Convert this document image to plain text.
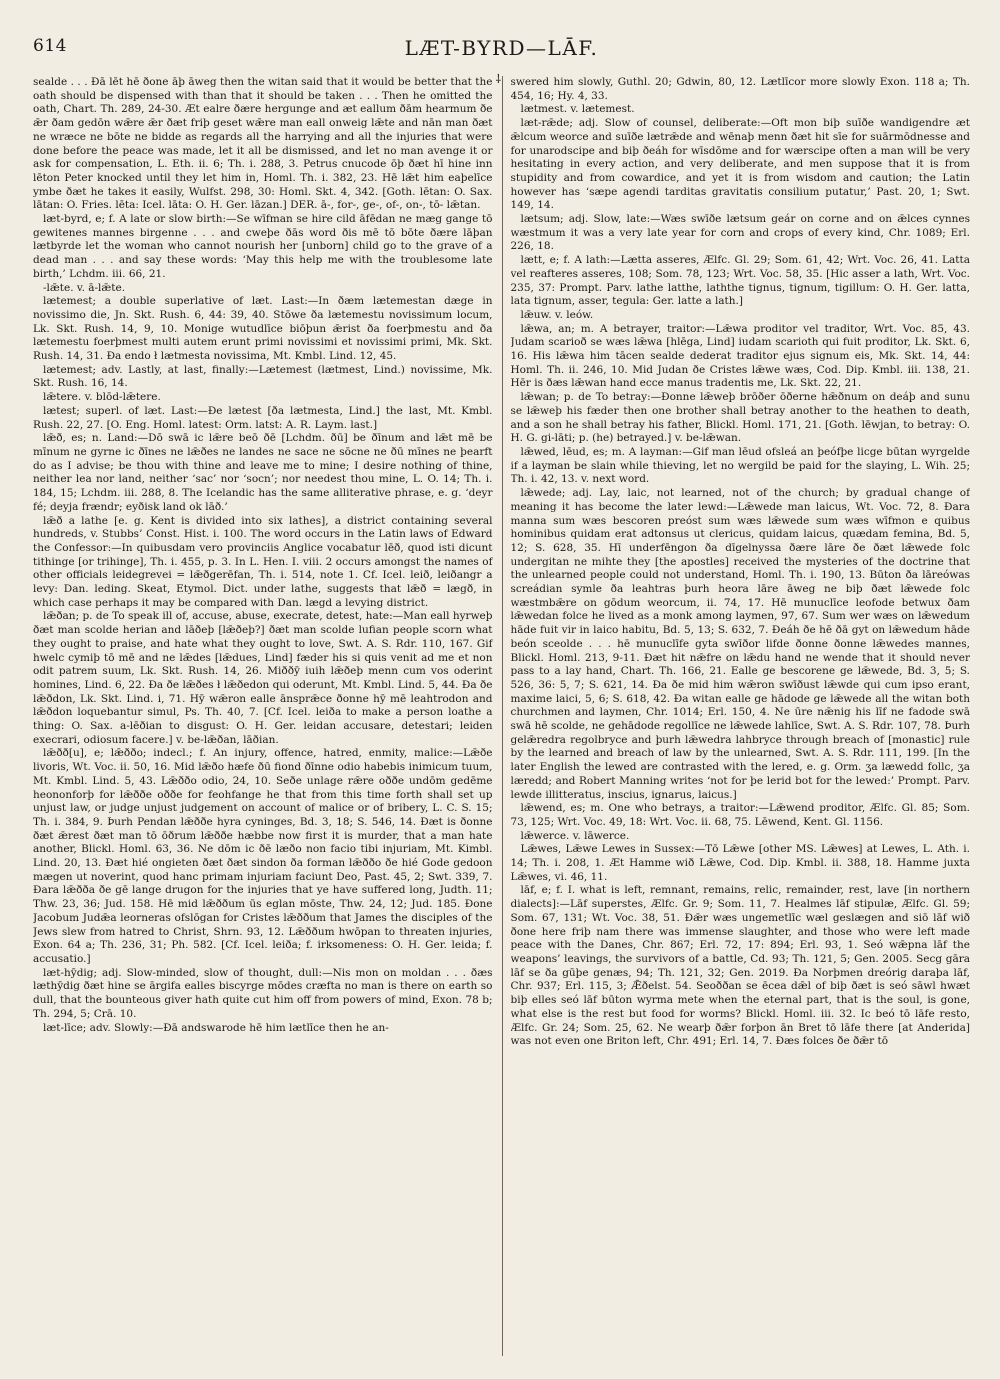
614	LÆT-BYRD—LĀF.

sealde . . . Ðā lēt hē ðone āþ āweg then the witan said that it would be better that the oath should be dispensed with than that it should be taken . . . Then he omitted the oath, Chart. Th. 289, 24-30. Æt ealre ðære hergunge and æt eallum ðām hearmum ðe ǣr ðam gedōn wǣre ǣr ðæt friþ geset wǣre man eall onweig lǣte and nān man ðæt ne wræce ne bōte ne bidde as regards all the harrying and all the injuries that were done before the peace was made, let it all be dismissed, and let no man avenge it or ask for compensation, L. Eth. ii. 6; Th. i. 288, 3. Petrus cnucode ōþ ðæt hī hine inn lēton Peter knocked until they let him in, Homl. Th. i. 382, 23. Hē lǣt him eaþelīce ymbe ðæt he takes it easily, Wulfst. 298, 30: Homl. Skt. 4, 342. [Goth. lētan: O. Sax. lātan: O. Fries. lēta: Icel. lāta: O. H. Ger. lāzan.] DER. ā-, for-, ge-, of-, on-, tō- lǣtan.

læt-byrd, e; f. A late or slow birth:—Se wīfman se hire cild āfēdan ne mæg gange tō gewitenes mannes birgenne . . . and cweþe ðās word ðis mē tō bōte ðære lāþan lætbyrde let the woman who cannot nourish her [unborn] child go to the grave of a dead man . . . and say these words: ‘May this help me with the troublesome late birth,’ Lchdm. iii. 66, 21.

-lǣte. v. ā-lǣte.

lætemest; a double superlative of læt. Last:—In ðæm lætemestan dæge in novissimo die, Jn. Skt. Rush. 6, 44: 39, 40. Stōwe ða lætemestu novissimum locum, Lk. Skt. Rush. 14, 9, 10. Monige wutudlīce biōþun ǣrist ða foerþmestu and ða lætemestu foerþmest multi autem erunt primi novissimi et novissimi primi, Mk. Skt. Rush. 14, 31. Ða endo ł lætmesta novissima, Mt. Kmbl. Lind. 12, 45.

lætemest; adv. Lastly, at last, finally:—Lætemest (lætmest, Lind.) novissime, Mk. Skt. Rush. 16, 14.

lǣtere. v. blōd-lǣtere.

lætest; superl. of læt. Last:—Ðe lætest [ða lætmesta, Lind.] the last, Mt. Kmbl. Rush. 22, 27. [O. Eng. Homl. latest: Orm. latst: A. R. Laym. last.]

lǣð, es; n. Land:—Dō swā ic lǣre beō ðē [Lchdm. ðū] be ðīnum and lǣt mē be mīnum ne gyrne ic ðīnes ne lǣðes ne landes ne sace ne sōcne ne ðū mīnes ne þearft do as I advise; be thou with thine and leave me to mine; I desire nothing of thine, neither lea nor land, neither ‘sac’ nor ‘socn’; nor needest thou mine, L. O. 14; Th. i. 184, 15; Lchdm. iii. 288, 8. The Icelandic has the same alliterative phrase, e. g. ‘deyr fé; deyja frændr; eyðisk land ok lāð.’

lǣð a lathe [e. g. Kent is divided into six lathes], a district containing several hundreds, v. Stubbs’ Const. Hist. i. 100. The word occurs in the Latin laws of Edward the Confessor:—In quibusdam vero provinciis Anglice vocabatur lēð, quod isti dicunt tithinge [or trihinge], Th. i. 455, p. 3. In L. Hen. I. viii. 2 occurs amongst the names of other officials leidegrevei = lǣðgerēfan, Th. i. 514, note 1. Cf. Icel. leið, leiðangr a levy: Dan. leding. Skeat, Etymol. Dict. under lathe, suggests that lǣð = lægð, in which case perhaps it may be compared with Dan. lægd a levying district.

lǣðan; p. de To speak ill of, accuse, abuse, execrate, detest, hate:—Man eall hyrweþ ðæt man scolde herian and lāðeþ [lǣðeþ?] ðæt man scolde lufian people scorn what they ought to praise, and hate what they ought to love, Swt. A. S. Rdr. 110, 167. Gif hwelc cymiþ tō mē and ne lǣdes [lǣdues, Lind] fæder his si quis venit ad me et non odit patrem suum, Lk. Skt. Rush. 14, 26. Miððȳ iuih lǣðeþ menn cum vos oderint homines, Lind. 6, 22. Ða ðe lǣðes ł lǣðedon qui oderunt, Mt. Kmbl. Lind. 5, 44. Ða ðe lǣðdon, Lk. Skt. Lind. i, 71. Hȳ wǣron ealle ānsprǣce ðonne hȳ mē leahtrodon and lǣðdon loquebantur simul, Ps. Th. 40, 7. [Cf. Icel. leiða to make a person loathe a thing: O. Sax. a-lēðian to disgust: O. H. Ger. leidan accusare, detestari; leiden execrari, odiosum facere.] v. be-lǣðan, lāðian.

lǣðð[u], e; lǣððo; indecl.; f. An injury, offence, hatred, enmity, malice:—Lǣðe livoris, Wt. Voc. ii. 50, 16. Mid lǣðo hæfe ðū fiond ðīnne odio habebis inimicum tuum, Mt. Kmbl. Lind. 5, 43. Lǣððo odio, 24, 10. Seðe unlage rǣre oððe undōm gedēme heononforþ for lǣððe oððe for feohfange he that from this time forth shall set up unjust law, or judge unjust judgement on account of malice or of bribery, L. C. S. 15; Th. i. 384, 9. Þurh Pendan lǣððe hyra cyninges, Bd. 3, 18; S. 546, 14. Ðæt is ðonne ðæt ǣrest ðæt man tō ōðrum lǣððe hæbbe now first it is murder, that a man hate another, Blickl. Homl. 63, 36. Ne dōm ic ðē læðo non facio tibi injuriam, Mt. Kimbl. Lind. 20, 13. Ðæt hié ongieten ðæt ðæt sindon ða forman lǣððo ðe hié Gode gedoon mægen ut noverint, quod hanc primam injuriam faciunt Deo, Past. 45, 2; Swt. 339, 7. Ðara lǣðða ðe gē lange drugon for the injuries that ye have suffered long, Judth. 11; Thw. 23, 36; Jud. 158. Hē mid lǣððum ūs eglan mōste, Thw. 24, 12; Jud. 185. Ðone Jacobum Judǣa leorneras ofslōgan for Cristes lǣððum that James the disciples of the Jews slew from hatred to Christ, Shrn. 93, 12. Lǣððum hwōpan to threaten injuries, Exon. 64 a; Th. 236, 31; Ph. 582. [Cf. Icel. leiða; f. irksomeness: O. H. Ger. leida; f. accusatio.]

læt-hȳdig; adj. Slow-minded, slow of thought, dull:—Nis mon on moldan . . . ðæs læthȳdig ðæt hine se ārgifa ealles biscyrge mōdes cræfta no man is there on earth so dull, that the bounteous giver hath quite cut him off from powers of mind, Exon. 78 b; Th. 294, 5; Crā. 10.

læt-līce; adv. Slowly:—Ðā andswarode hē him lætlīce then he an-

⸸ swered him slowly, Guthl. 20; Gdwin, 80, 12. Lætlīcor more slowly Exon. 118 a; Th. 454, 16; Hy. 4, 33.

lætmest. v. lætemest.

læt-rǣde; adj. Slow of counsel, deliberate:—Oft mon biþ suīðe wandigendre æt ǣlcum weorce and suīðe lætrǣde and wēnaþ menn ðæt hit sīe for suārmōdnesse and for unarodscipe and biþ ðeáh for wīsdōme and for wærscipe often a man will be very hesitating in every action, and very deliberate, and men suppose that it is from stupidity and from cowardice, and yet it is from wisdom and caution; the Latin however has ‘sæpe agendi tarditas gravitatis consilium putatur,’ Past. 20, 1; Swt. 149, 14.

lætsum; adj. Slow, late:—Wæs swīðe lætsum geár on corne and on ǣlces cynnes wæstmum it was a very late year for corn and crops of every kind, Chr. 1089; Erl. 226, 18.

lætt, e; f. A lath:—Lætta asseres, Ælfc. Gl. 29; Som. 61, 42; Wrt. Voc. 26, 41. Latta vel reafteres asseres, 108; Som. 78, 123; Wrt. Voc. 58, 35. [Hic asser a lath, Wrt. Voc. 235, 37: Prompt. Parv. lathe latthe, laththe tignus, tignum, tigillum: O. H. Ger. latta, lata tignum, asser, tegula: Ger. latte a lath.]

lǣuw. v. leów.

lǣwa, an; m. A betrayer, traitor:—Lǣwa proditor vel traditor, Wrt. Voc. 85, 43. Judam scarioð se wæs lǣwa [hlēga, Lind] iudam scarioth qui fuit proditor, Lk. Skt. 6, 16. His lǣwa him tācen sealde dederat traditor ejus signum eis, Mk. Skt. 14, 44: Homl. Th. ii. 246, 10. Mid Judan ðe Cristes lǣwe wæs, Cod. Dip. Kmbl. iii. 138, 21. Hēr is ðæs lǣwan hand ecce manus tradentis me, Lk. Skt. 22, 21.

lǣwan; p. de To betray:—Ðonne lǣweþ brōðer ōðerne hǣðnum on deáþ and sunu se lǣweþ his fæder then one brother shall betray another to the heathen to death, and a son he shall betray his father, Blickl. Homl. 171, 21. [Goth. lēwjan, to betray: O. H. G. gi-lāti; p. (he) betrayed.] v. be-lǣwan.

lǣwed, lēud, es; m. A layman:—Gif man lēud ofsleá an þeófþe licge būtan wyrgelde if a layman be slain while thieving, let no wergild be paid for the slaying, L. Wih. 25; Th. i. 42, 13. v. next word.

lǣwede; adj. Lay, laic, not learned, not of the church; by gradual change of meaning it has become the later lewd:—Lǣwede man laicus, Wt. Voc. 72, 8. Ðara manna sum wæs bescoren preóst sum wæs lǣwede sum wæs wīfmon e quibus hominibus quidam erat adtonsus ut clericus, quidam laicus, quædam femina, Bd. 5, 12; S. 628, 35. Hī underfēngon ða dīgelnyssa ðære lāre ðe ðæt lǣwede folc undergitan ne mihte they [the apostles] received the mysteries of the doctrine that the unlearned people could not understand, Homl. Th. i. 190, 13. Būton ða lāreówas screádian symle ða leahtras þurh heora lāre āweg ne biþ ðæt lǣwede folc wæstmbǣre on gōdum weorcum, ii. 74, 17. Hē munuclīce leofode betwux ðam lǣwedan folce he lived as a monk among laymen, 97, 67. Sum wer wæs on lǣwedum hāde fuit vir in laico habitu, Bd. 5, 13; S. 632, 7. Ðeáh ðe hē ðā gyt on lǣwedum hāde beón sceolde . . . hē munuclīfe gyta swīðor lifde ðonne ðonne lǣwedes mannes, Blickl. Homl. 213, 9-11. Ðæt hit nǣfre on lǣdu hand ne wende that it should never pass to a lay hand, Chart. Th. 166, 21. Ealle ge bescorene ge lǣwede, Bd. 3, 5; S. 526, 36: 5, 7; S. 621, 14. Ða ðe mid him wǣron swīðust lǣwde qui cum ipso erant, maxime laici, 5, 6; S. 618, 42. Ða witan ealle ge hādode ge lǣwede all the witan both churchmen and laymen, Chr. 1014; Erl. 150, 4. Ne ūre nǣnig his līf ne fadode swā swā hē scolde, ne gehādode regollīce ne lǣwede lahlīce, Swt. A. S. Rdr. 107, 78. Þurh gelǣredra regolbryce and þurh lǣwedra lahbryce through breach of [monastic] rule by the learned and breach of law by the unlearned, Swt. A. S. Rdr. 111, 199. [In the later English the lewed are contrasted with the lered, e. g. Orm. ʒa læwedd follc, ʒa læredd; and Robert Manning writes ‘not for þe lerid bot for the lewed:’ Prompt. Parv. lewde illitteratus, inscius, ignarus, laicus.]

lǣwend, es; m. One who betrays, a traitor:—Lǣwend proditor, Ælfc. Gl. 85; Som. 73, 125; Wrt. Voc. 49, 18: Wrt. Voc. ii. 68, 75. Lēwend, Kent. Gl. 1156.

lǣwerce. v. lāwerce.

Lǣwes, Lǣwe Lewes in Sussex:—Tō Lǣwe [other MS. Lǣwes] at Lewes, L. Ath. i. 14; Th. i. 208, 1. Æt Hamme wið Lǣwe, Cod. Dip. Kmbl. ii. 388, 18. Hamme juxta Lǣwes, vi. 46, 11.

lāf, e; f. I. what is left, remnant, remains, relic, remainder, rest, lave [in northern dialects]:—Lāf superstes, Ælfc. Gr. 9; Som. 11, 7. Healmes lāf stipulæ, Ælfc. Gl. 59; Som. 67, 131; Wt. Voc. 38, 51. Ðǣr wæs ungemetlīc wæl geslægen and siō lāf wið ðone here friþ nam there was immense slaughter, and those who were left made peace with the Danes, Chr. 867; Erl. 72, 17: 894; Erl. 93, 1. Seó wǣpna lāf the weapons’ leavings, the survivors of a battle, Cd. 93; Th. 121, 5; Gen. 2005. Secg gāra lāf se ða gūþe genæs, 94; Th. 121, 32; Gen. 2019. Ða Norþmen dreórig daraþa lāf, Chr. 937; Erl. 115, 3; Ǣðelst. 54. Seoððan se ēcea dǣl of biþ ðæt is seó sāwl hwæt biþ elles seó lāf būton wyrma mete when the eternal part, that is the soul, is gone, what else is the rest but food for worms? Blickl. Homl. iii. 32. Ic beó tō lāfe resto, Ælfc. Gr. 24; Som. 25, 62. Ne wearþ ðǣr forþon ān Bret tō lāfe there [at Anderida] was not even one Briton left, Chr. 491; Erl. 14, 7. Ðæs folces ðe ðǣr tō
